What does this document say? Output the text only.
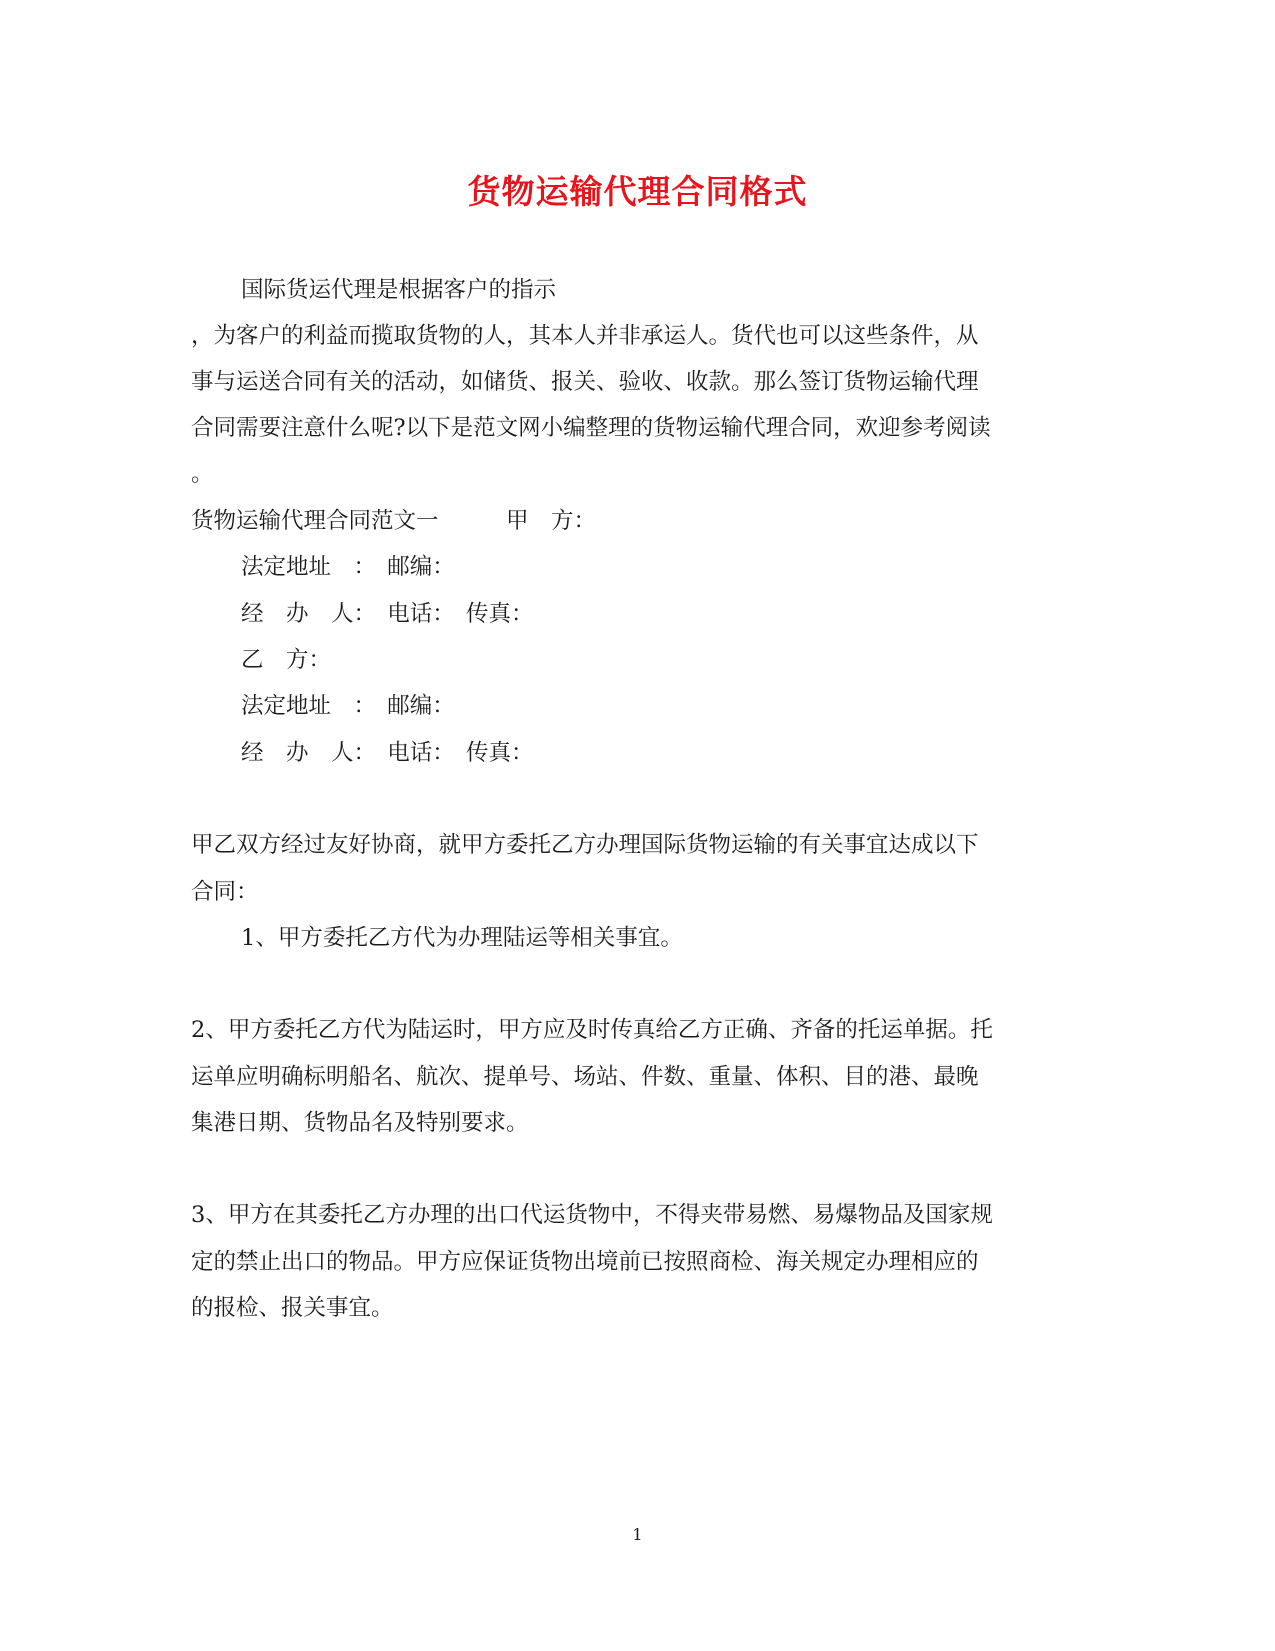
货物运输代理合同格式
国际货运代理是根据客户的指示
，为客户的利益而揽取货物的人，其本人并非承运人。货代也可以这些条件，从
事与运送合同有关的活动，如储货、报关、验收、收款。那么签订货物运输代理
合同需要注意什么呢?以下是范文网小编整理的货物运输代理合同，欢迎参考阅读
。
货物运输代理合同范文一　　　甲　方：
法定地址　：　邮编：
经　办　人：　电话：　传真：
乙　方：
法定地址　：　邮编：
经　办　人：　电话：　传真：
甲乙双方经过友好协商，就甲方委托乙方办理国际货物运输的有关事宜达成以下
合同：
1、甲方委托乙方代为办理陆运等相关事宜。
2、甲方委托乙方代为陆运时，甲方应及时传真给乙方正确、齐备的托运单据。托
运单应明确标明船名、航次、提单号、场站、件数、重量、体积、目的港、最晚
集港日期、货物品名及特别要求。
3、甲方在其委托乙方办理的出口代运货物中，不得夹带易燃、易爆物品及国家规
定的禁止出口的物品。甲方应保证货物出境前已按照商检、海关规定办理相应的
的报检、报关事宜。
1
